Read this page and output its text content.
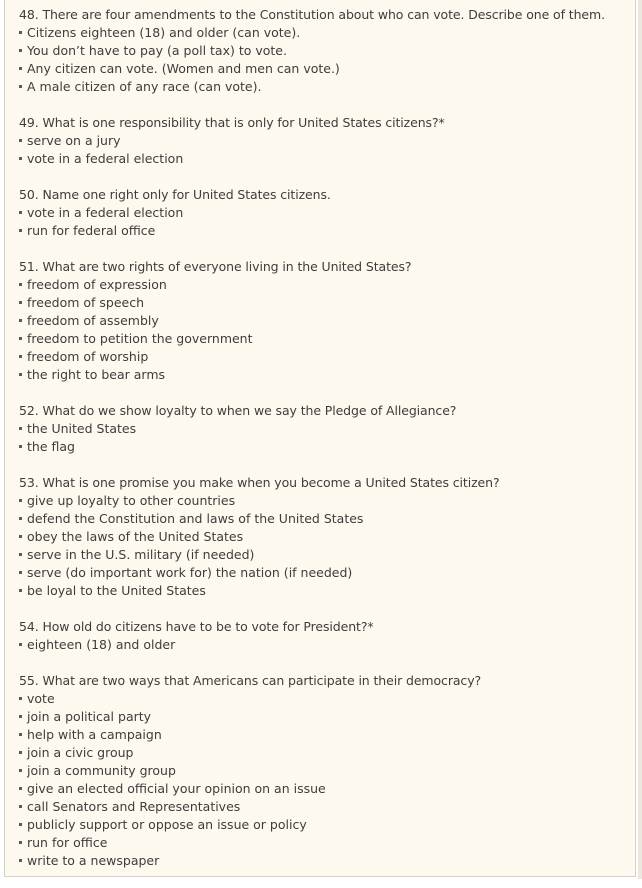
48. There are four amendments to the Constitution about who can vote. Describe one of them.
Citizens eighteen (18) and older (can vote).
You don’t have to pay (a poll tax) to vote.
Any citizen can vote. (Women and men can vote.)
A male citizen of any race (can vote).
49. What is one responsibility that is only for United States citizens?*
serve on a jury
vote in a federal election
50. Name one right only for United States citizens.
vote in a federal election
run for federal office
51. What are two rights of everyone living in the United States?
freedom of expression
freedom of speech
freedom of assembly
freedom to petition the government
freedom of worship
the right to bear arms
52. What do we show loyalty to when we say the Pledge of Allegiance?
the United States
the flag
53. What is one promise you make when you become a United States citizen?
give up loyalty to other countries
defend the Constitution and laws of the United States
obey the laws of the United States
serve in the U.S. military (if needed)
serve (do important work for) the nation (if needed)
be loyal to the United States
54. How old do citizens have to be to vote for President?*
eighteen (18) and older
55. What are two ways that Americans can participate in their democracy?
vote
join a political party
help with a campaign
join a civic group
join a community group
give an elected official your opinion on an issue
call Senators and Representatives
publicly support or oppose an issue or policy
run for office
write to a newspaper
